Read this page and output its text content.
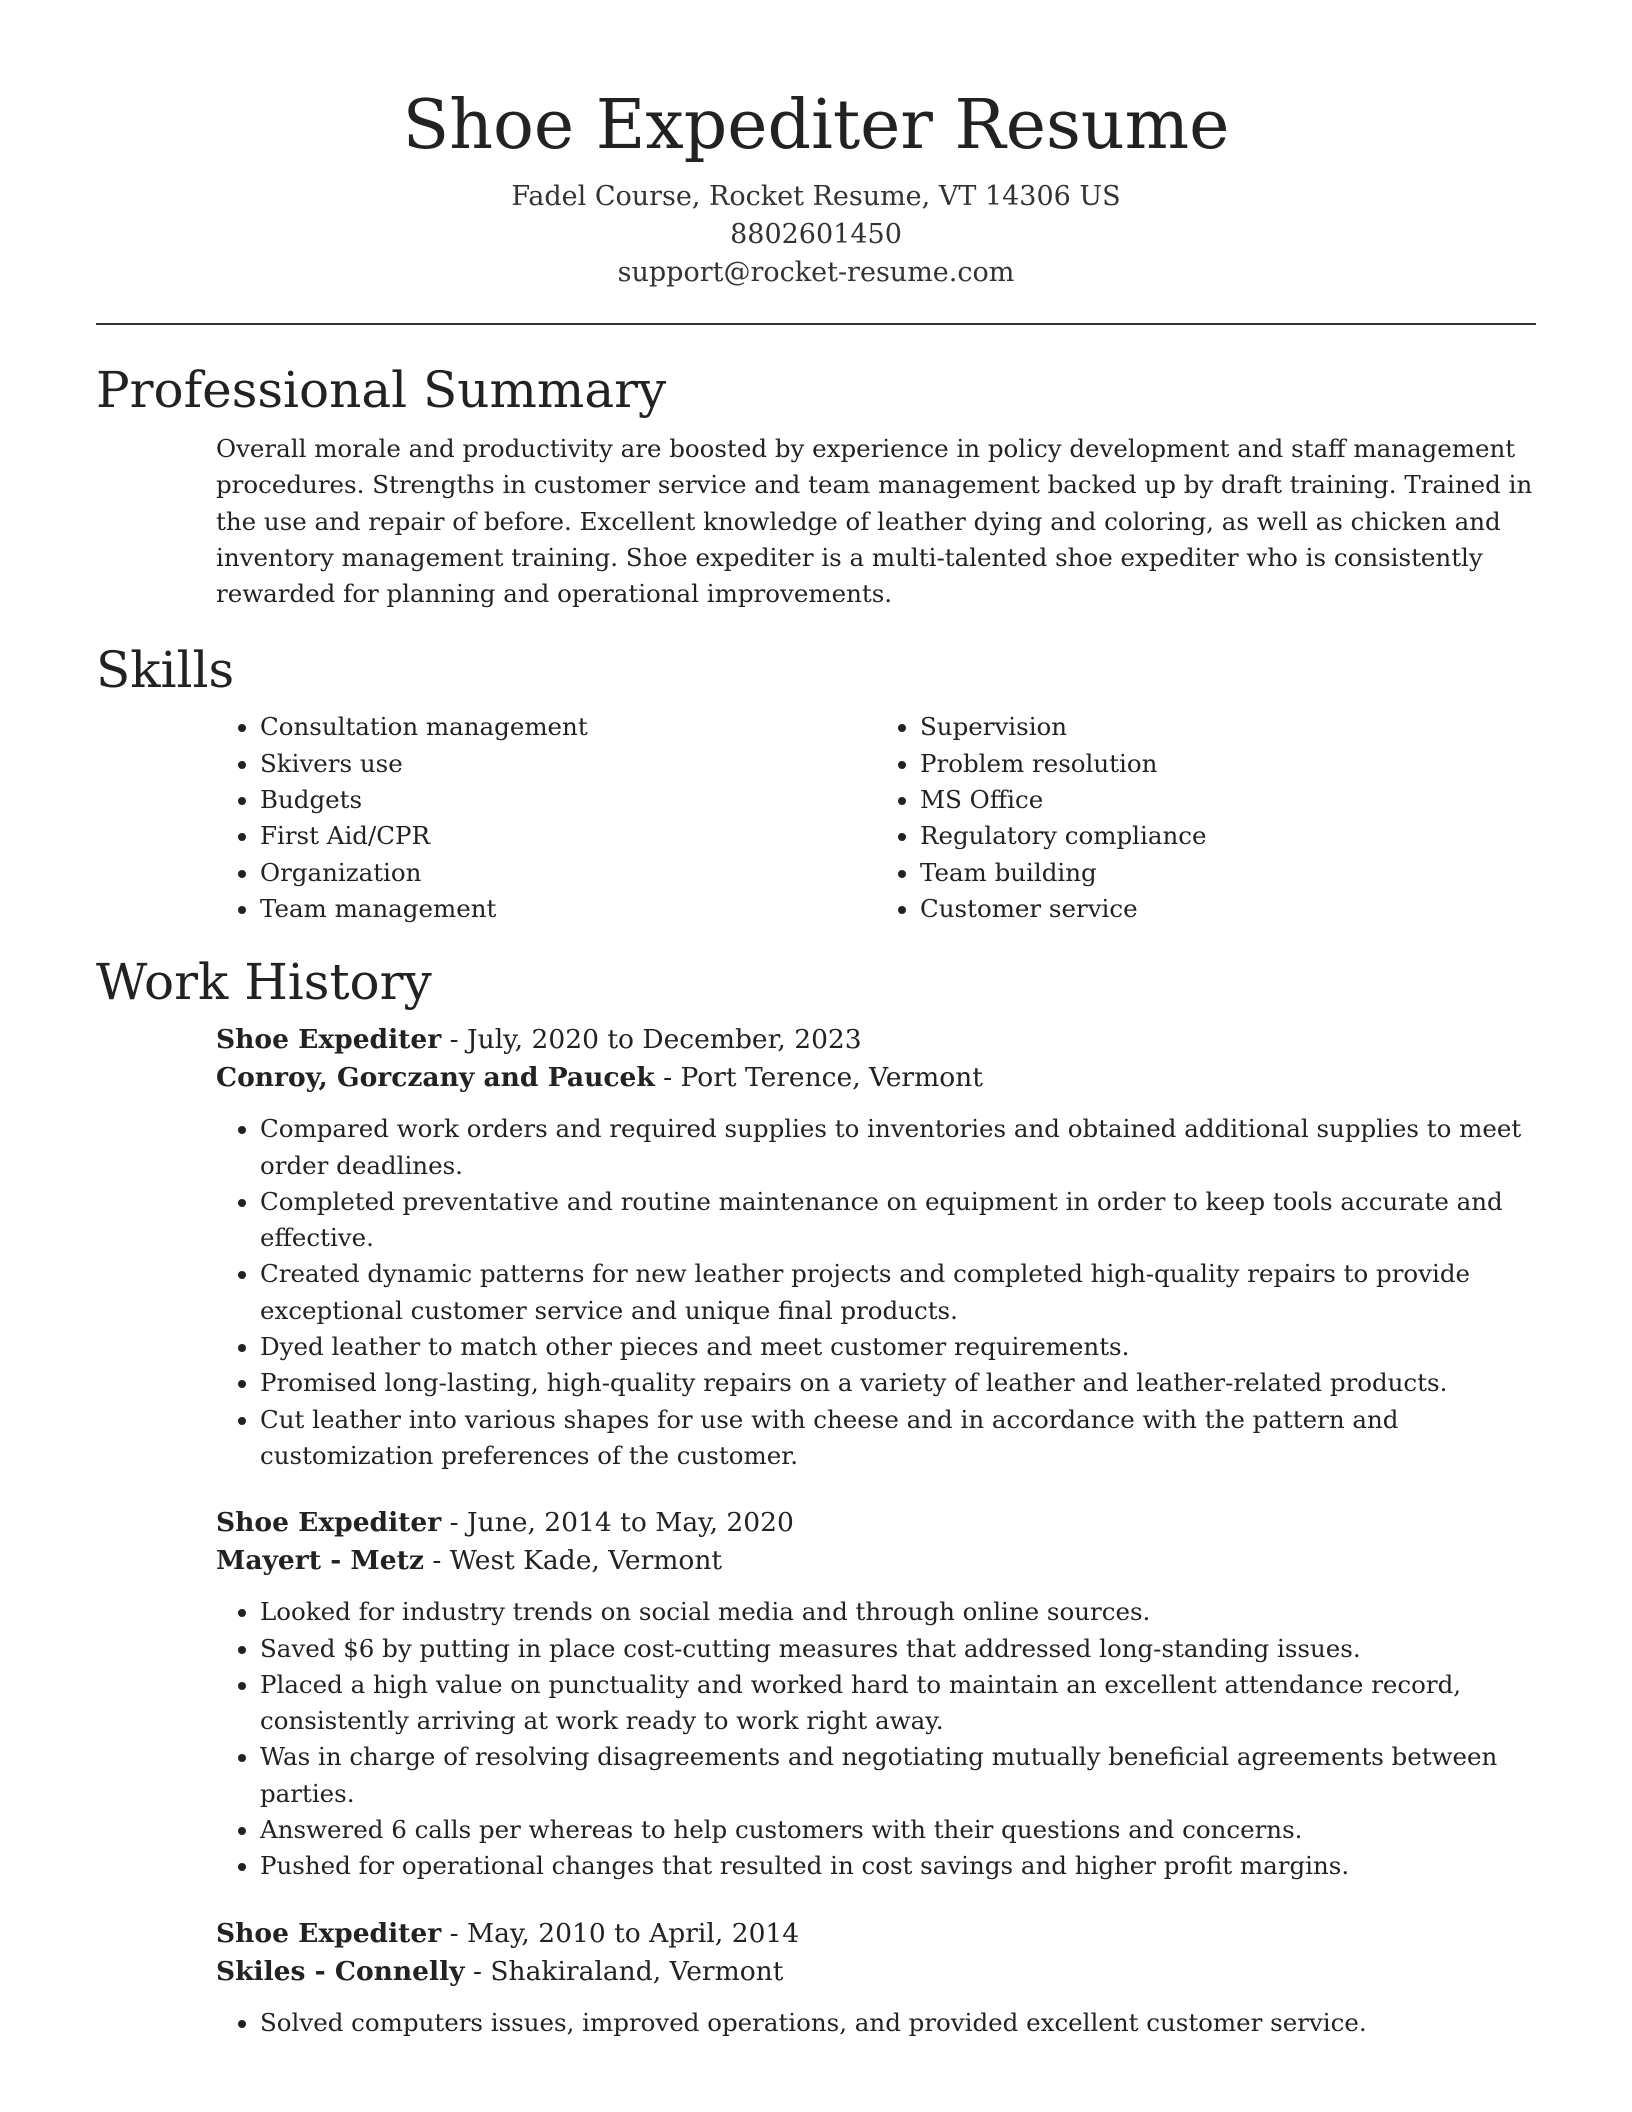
Shoe Expediter Resume
Fadel Course, Rocket Resume, VT 14306 US
8802601450
support@rocket-resume.com
Professional Summary

Overall morale and productivity are boosted by experience in policy development and staff management procedures. Strengths in customer service and team management backed up by draft training. Trained in the use and repair of before. Excellent knowledge of leather dying and coloring, as well as chicken and inventory management training. Shoe expediter is a multi-talented shoe expediter who is consistently rewarded for planning and operational improvements.

Skills
• Consultation management
• Skivers use
• Budgets
• First Aid/CPR
• Organization
• Team management
• Supervision
• Problem resolution
• MS Office
• Regulatory compliance
• Team building
• Customer service
Work History
Shoe Expediter - July, 2020 to December, 2023
Conroy, Gorczany and Paucek - Port Terence, Vermont
• Compared work orders and required supplies to inventories and obtained additional supplies to meet order deadlines.
• Completed preventative and routine maintenance on equipment in order to keep tools accurate and effective.
• Created dynamic patterns for new leather projects and completed high-quality repairs to provide exceptional customer service and unique final products.
• Dyed leather to match other pieces and meet customer requirements.
• Promised long-lasting, high-quality repairs on a variety of leather and leather-related products.
• Cut leather into various shapes for use with cheese and in accordance with the pattern and customization preferences of the customer.
Shoe Expediter - June, 2014 to May, 2020
Mayert - Metz - West Kade, Vermont
• Looked for industry trends on social media and through online sources.
• Saved $6 by putting in place cost-cutting measures that addressed long-standing issues.
• Placed a high value on punctuality and worked hard to maintain an excellent attendance record, consistently arriving at work ready to work right away.
• Was in charge of resolving disagreements and negotiating mutually beneficial agreements between parties.
• Answered 6 calls per whereas to help customers with their questions and concerns.
• Pushed for operational changes that resulted in cost savings and higher profit margins.
Shoe Expediter - May, 2010 to April, 2014
Skiles - Connelly - Shakiraland, Vermont
• Solved computers issues, improved operations, and provided excellent customer service.
